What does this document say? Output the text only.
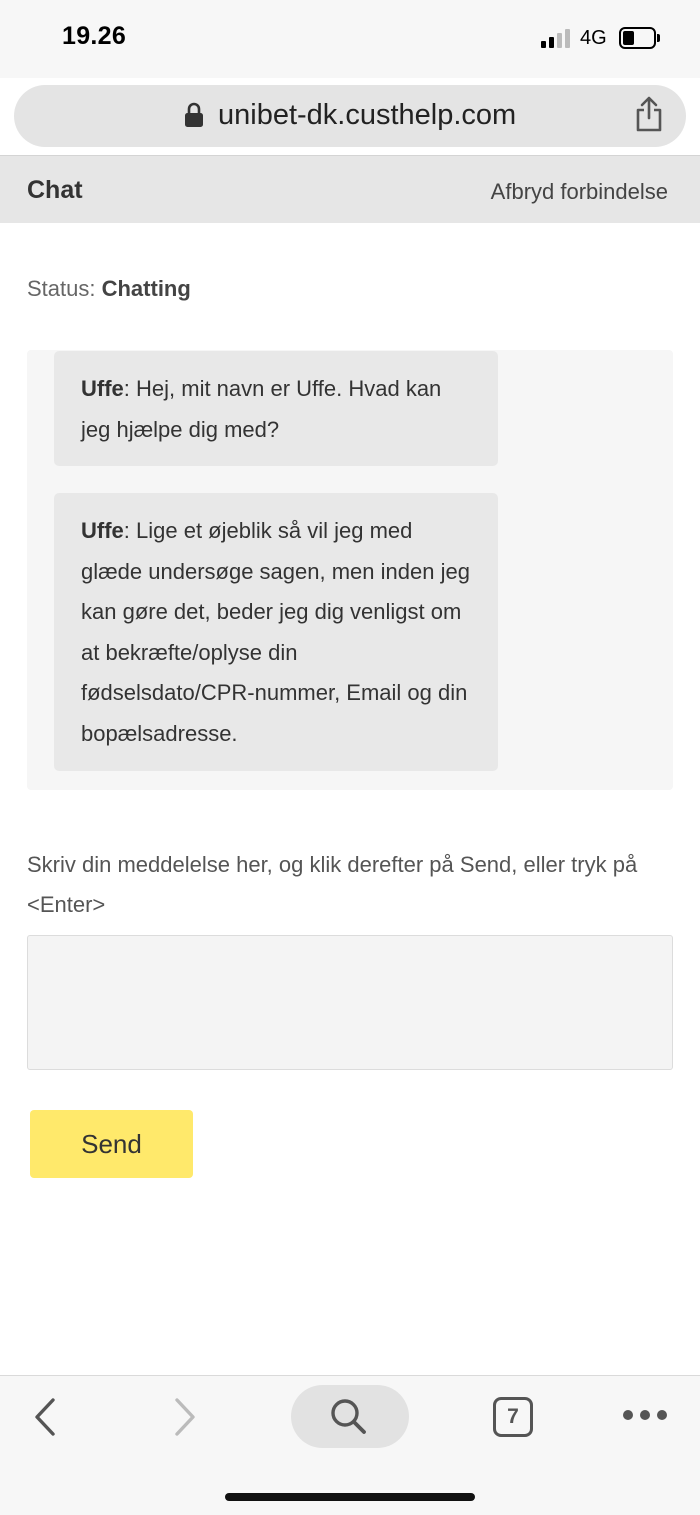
19.26	4G
unibet-dk.custhelp.com
Chat	Afbryd forbindelse
Status: Chatting
Uffe: Hej, mit navn er Uffe. Hvad kan jeg hjælpe dig med?
Uffe: Lige et øjeblik så vil jeg med glæde undersøge sagen, men inden jeg kan gøre det, beder jeg dig venligst om at bekræfte/oplyse din fødselsdato/CPR-nummer, Email og din bopælsadresse.
Skriv din meddelelse her, og klik derefter på Send, eller tryk på <Enter>
Send
7
